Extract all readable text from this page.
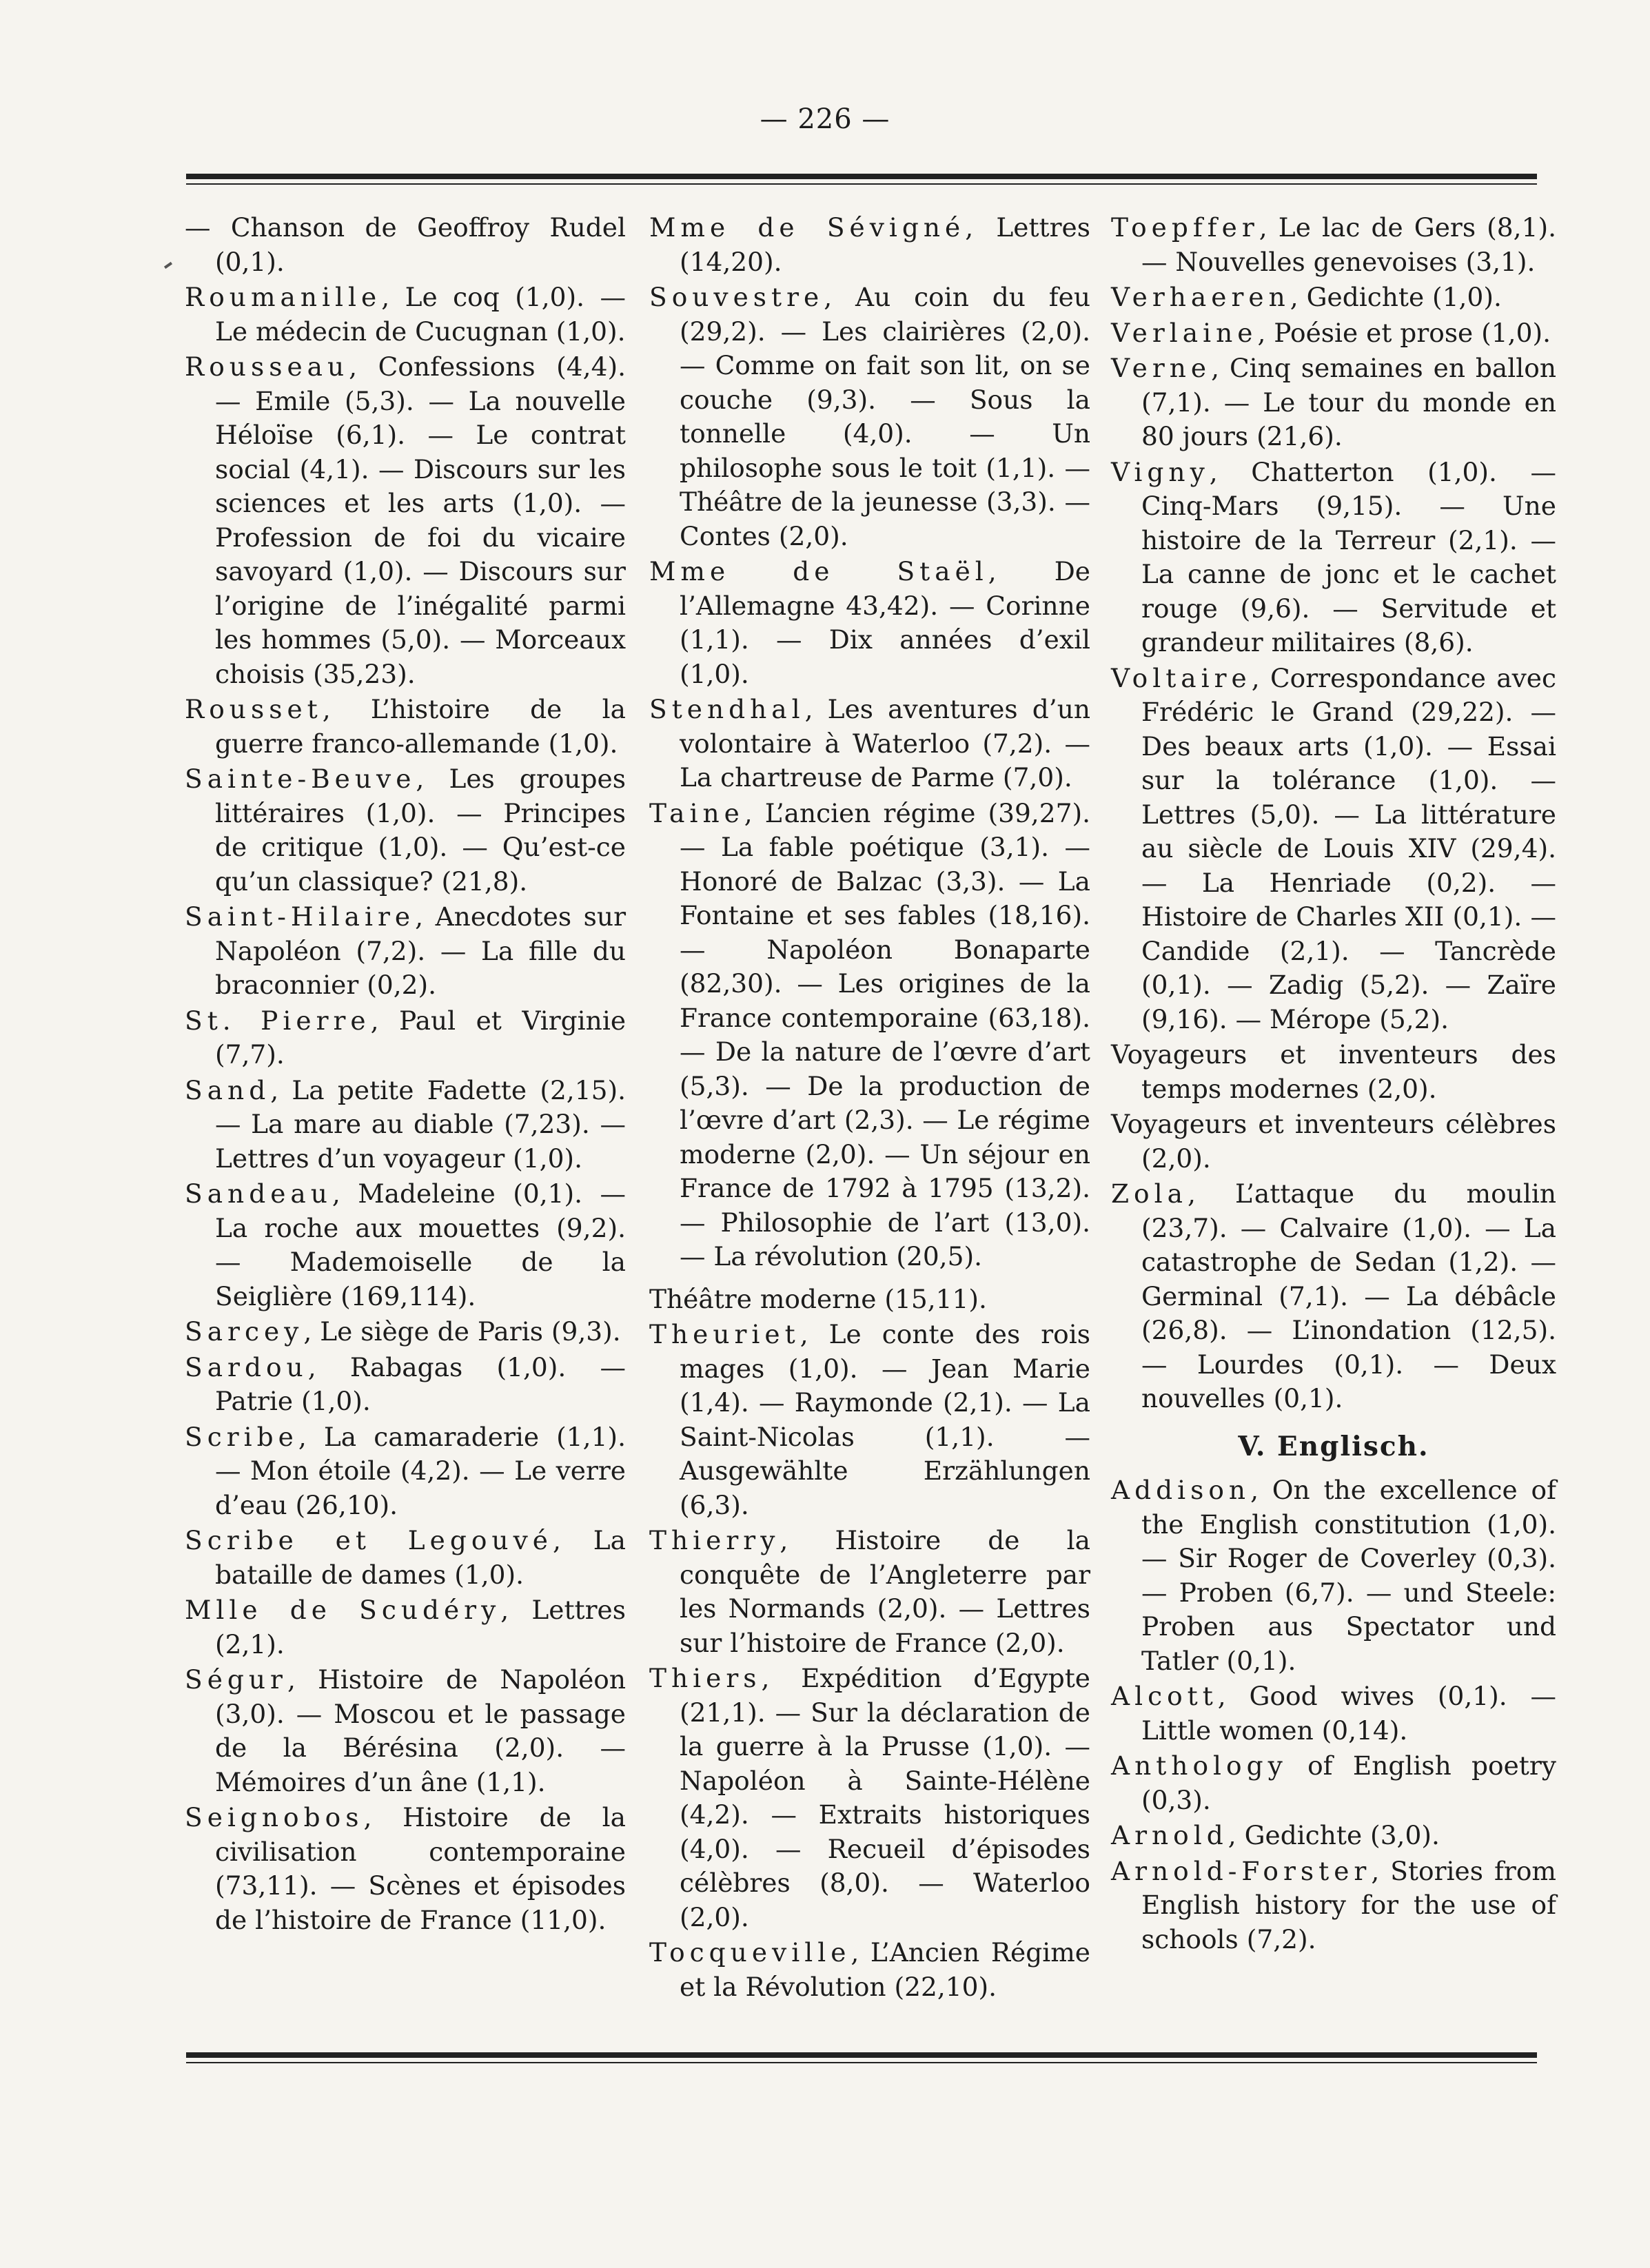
— 226 —

— Chanson de Geoffroy Rudel (0,1).

Roumanille, Le coq (1,0). — Le médecin de Cucugnan (1,0).

Rousseau, Confessions (4,4). — Emile (5,3). — La nouvelle Héloïse (6,1). — Le contrat social (4,1). — Discours sur les sciences et les arts (1,0). — Profession de foi du vicaire savoyard (1,0). — Discours sur l’origine de l’inégalité parmi les hommes (5,0). — Morceaux choisis (35,23).

Rousset, L’histoire de la guerre franco-allemande (1,0).

Sainte-Beuve, Les groupes littéraires (1,0). — Principes de critique (1,0). — Qu’est-ce qu’un classique? (21,8).

Saint-Hilaire, Anecdotes sur Napoléon (7,2). — La fille du braconnier (0,2).

St. Pierre, Paul et Virginie (7,7).

Sand, La petite Fadette (2,15). — La mare au diable (7,23). — Lettres d’un voyageur (1,0).

Sandeau, Madeleine (0,1). — La roche aux mouettes (9,2). — Mademoiselle de la Seiglière (169,114).

Sarcey, Le siège de Paris (9,3).

Sardou, Rabagas (1,0). — Patrie (1,0).

Scribe, La camaraderie (1,1). — Mon étoile (4,2). — Le verre d’eau (26,10).

Scribe et Legouvé, La bataille de dames (1,0).

Mlle de Scudéry, Lettres (2,1).

Ségur, Histoire de Napoléon (3,0). — Moscou et le passage de la Bérésina (2,0). — Mémoires d’un âne (1,1).

Seignobos, Histoire de la civilisation contemporaine (73,11). — Scènes et épisodes de l’histoire de France (11,0).

Mme de Sévigné, Lettres (14,20).

Souvestre, Au coin du feu (29,2). — Les clairières (2,0). — Comme on fait son lit, on se couche (9,3). — Sous la tonnelle (4,0). — Un philosophe sous le toit (1,1). — Théâtre de la jeunesse (3,3). — Contes (2,0).

Mme de Staël, De l’Allemagne 43,42). — Corinne (1,1). — Dix années d’exil (1,0).

Stendhal, Les aventures d’un volontaire à Waterloo (7,2). — La chartreuse de Parme (7,0).

Taine, L’ancien régime (39,27). — La fable poétique (3,1). — Honoré de Balzac (3,3). — La Fontaine et ses fables (18,16). — Napoléon Bonaparte (82,30). — Les origines de la France contemporaine (63,18). — De la nature de l’œvre d’art (5,3). — De la production de l’œvre d’art (2,3). — Le régime moderne (2,0). — Un séjour en France de 1792 à 1795 (13,2). — Philosophie de l’art (13,0). — La révolution (20,5).

Théâtre moderne (15,11).

Theuriet, Le conte des rois mages (1,0). — Jean Marie (1,4). — Raymonde (2,1). — La Saint-Nicolas (1,1). — Ausgewählte Erzählungen (6,3).

Thierry, Histoire de la conquête de l’Angleterre par les Normands (2,0). — Lettres sur l’histoire de France (2,0).

Thiers, Expédition d’Egypte (21,1). — Sur la déclaration de la guerre à la Prusse (1,0). — Napoléon à Sainte-Hélène (4,2). — Extraits historiques (4,0). — Recueil d’épisodes célèbres (8,0). — Waterloo (2,0).

Tocqueville, L’Ancien Régime et la Révolution (22,10).

Toepffer, Le lac de Gers (8,1). — Nouvelles genevoises (3,1).

Verhaeren, Gedichte (1,0).

Verlaine, Poésie et prose (1,0).

Verne, Cinq semaines en ballon (7,1). — Le tour du monde en 80 jours (21,6).

Vigny, Chatterton (1,0). — Cinq-Mars (9,15). — Une histoire de la Terreur (2,1). — La canne de jonc et le cachet rouge (9,6). — Servitude et grandeur militaires (8,6).

Voltaire, Correspondance avec Frédéric le Grand (29,22). — Des beaux arts (1,0). — Essai sur la tolérance (1,0). — Lettres (5,0). — La littérature au siècle de Louis XIV (29,4). — La Henriade (0,2). — Histoire de Charles XII (0,1). — Candide (2,1). — Tancrède (0,1). — Zadig (5,2). — Zaïre (9,16). — Mérope (5,2).

Voyageurs et inventeurs des temps modernes (2,0).

Voyageurs et inventeurs célèbres (2,0).

Zola, L’attaque du moulin (23,7). — Calvaire (1,0). — La catastrophe de Sedan (1,2). — Germinal (7,1). — La débâcle (26,8). — L’inondation (12,5). — Lourdes (0,1). — Deux nouvelles (0,1).

V. Englisch.

Addison, On the excellence of the English constitution (1,0). — Sir Roger de Coverley (0,3). — Proben (6,7). — und Steele: Proben aus Spectator und Tatler (0,1).

Alcott, Good wives (0,1). — Little women (0,14).

Anthology of English poetry (0,3).

Arnold, Gedichte (3,0).

Arnold-Forster, Stories from English history for the use of schools (7,2).
